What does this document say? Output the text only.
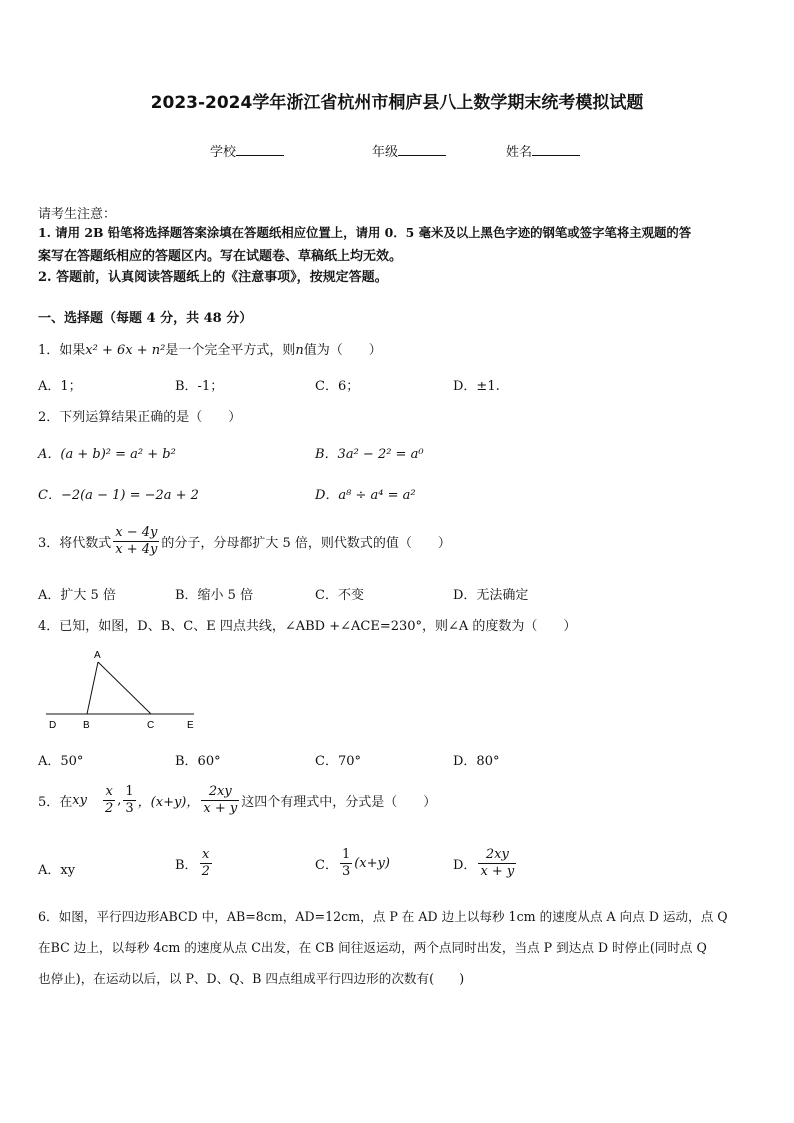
2023-2024学年浙江省杭州市桐庐县八上数学期末统考模拟试题
学校	年级	姓名
请考生注意：
1. 请用 2B 铅笔将选择题答案涂填在答题纸相应位置上，请用 0．5 毫米及以上黑色字迹的钢笔或签字笔将主观题的答
案写在答题纸相应的答题区内。写在试题卷、草稿纸上均无效。
2. 答题前，认真阅读答题纸上的《注意事项》，按规定答题。
一、选择题（每题 4 分，共 48 分）
1．如果x² + 6x + n²是一个完全平方式，则n值为（　　）
A．1；	B．-1；	C．6；	D．±1.
2．下列运算结果正确的是（　　）
A．(a + b)² = a² + b²	B．3a² − 2² = a⁰
C．−2(a − 1) = −2a + 2	D．a⁸ ÷ a⁴ = a²
3．将代数式 $\frac{x - 4y}{x + 4y}$ 的分子，分母都扩大 5 倍，则代数式的值（　　）
A．扩大 5 倍	B．缩小 5 倍	C．不变	D．无法确定
4．已知，如图，D、B、C、E 四点共线，∠ABD +∠ACE=230°，则∠A 的度数为（　　）
A
D	B	C	E
A．50°	B．60°	C．70°	D．80°
5．在xy $\frac{x}{2}$ , $\frac{1}{3}$ ，(x+y)， $\frac{2xy}{x + y}$ 这四个有理式中，分式是（　　）
A．xy	B． $\frac{x}{2}$	C． $\frac{1}{3} (x+y)$	D． $\frac{2xy}{x + y}$
6．如图，平行四边形ABCD 中，AB=8cm，AD=12cm，点 P 在 AD 边上以每秒 1cm 的速度从点 A 向点 D 运动，点 Q
在BC 边上，以每秒 4cm 的速度从点 C出发，在 CB 间往返运动，两个点同时出发，当点 P 到达点 D 时停止(同时点 Q
也停止)，在运动以后，以 P、D、Q、B 四点组成平行四边形的次数有(　　)
